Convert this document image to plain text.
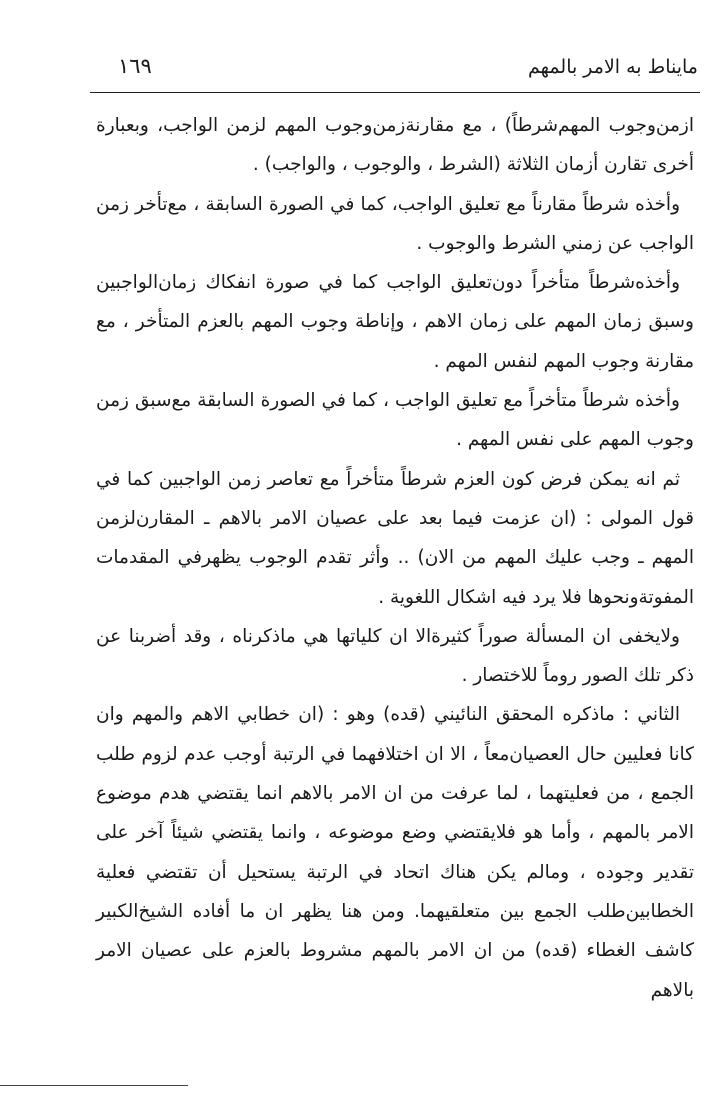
ماينا‌ط به الامر بالمهم
١٦٩

ازمن‌وجوب المهم‌شرطاً) ، مع مقارنة‌زمن‌وجوب المهم لزمن الواجب، وبعبارة أخرى تقارن أزمان الثلاثة (الشرط ، والوجوب ، والواجب) .

وأخذه شرطاً مقارناً مع تعليق الواجب، كما في الصورة السابقة ، مع‌تأخر زمن الواجب عن زمني الشرط والوجوب .

وأخذه‌شرطاً متأخراً دون‌تعليق الواجب كما في صورة انفكاك زمان‌الواجبين وسبق زمان المهم على زمان الاهم ، وإناطة وجوب المهم بالعزم المتأخر ، مع مقارنة وجوب المهم لنفس المهم .

وأخذه شرطاً متأخراً مع تعليق الواجب ، كما في الصورة السابقة مع‌سبق زمن وجوب المهم على نفس المهم .

ثم انه يمكن فرض كون العزم شرطاً متأخراً مع تعاصر زمن الواجبين كما في قول المولى : (ان عزمت فيما بعد على عصيان الامر بالاهم ـ المقارن‌لزمن المهم ـ وجب عليك المهم من الان) .. وأثر تقدم الوجوب يظهرفي المقدمات المفوتة‌ونحوها فلا يرد فيه اشكال اللغوية .

ولايخفى ان المسألة صوراً كثيرة‌الا ان كلياتها هي ماذكرناه ، وقد أضربنا عن ذكر تلك الصور روماً للاختصار .

الثاني : ماذكره المحقق النائيني (قده) وهو : (ان خطابي الاهم والمهم وان كانا فعليين حال العصيان‌معاً ، الا ان اختلافهما في الرتبة أوجب عدم لزوم طلب الجمع ، من فعليتهما ، لما عرفت من ان الامر بالاهم انما يقتضي هدم موضوع الامر بالمهم ، وأما هو فلايقتضي وضع موضوعه ، وانما يقتضي شيئاً آخر على تقدير وجوده ، ومالم يكن هناك اتحاد في الرتبة يستحيل أن تقتضي فعلية الخطابين‌طلب الجمع بين متعلقيهما. ومن هنا يظهر ان ما أفاده الشيخ‌الكبير كاشف الغطاء (قده) من ان الامر بالمهم مشروط بالعزم على عصيان الامر بالاهم
